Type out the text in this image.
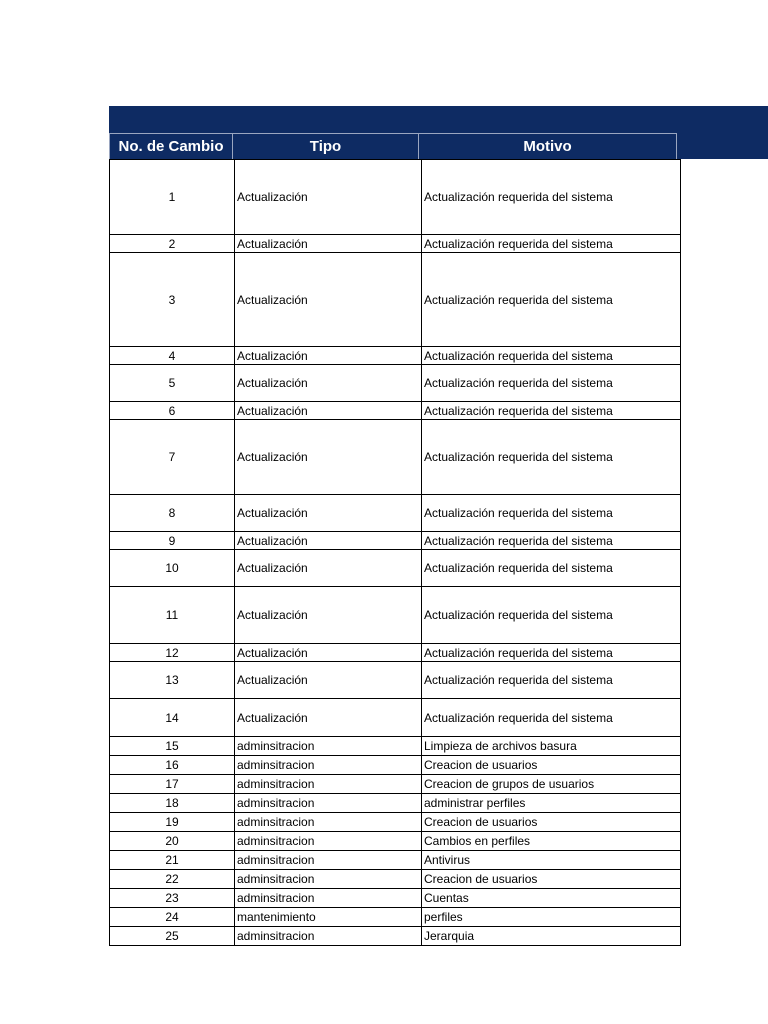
No. de Cambio	Tipo	Motivo
1	Actualización	Actualización requerida del sistema
2	Actualización	Actualización requerida del sistema
3	Actualización	Actualización requerida del sistema
4	Actualización	Actualización requerida del sistema
5	Actualización	Actualización requerida del sistema
6	Actualización	Actualización requerida del sistema
7	Actualización	Actualización requerida del sistema
8	Actualización	Actualización requerida del sistema
9	Actualización	Actualización requerida del sistema
10	Actualización	Actualización requerida del sistema
11	Actualización	Actualización requerida del sistema
12	Actualización	Actualización requerida del sistema
13	Actualización	Actualización requerida del sistema
14	Actualización	Actualización requerida del sistema
15	adminsitracion	Limpieza de archivos basura
16	adminsitracion	Creacion de usuarios
17	adminsitracion	Creacion de grupos de usuarios
18	adminsitracion	administrar perfiles
19	adminsitracion	Creacion de usuarios
20	adminsitracion	Cambios en perfiles
21	adminsitracion	Antivirus
22	adminsitracion	Creacion de usuarios
23	adminsitracion	Cuentas
24	mantenimiento	perfiles
25	adminsitracion	Jerarquia
